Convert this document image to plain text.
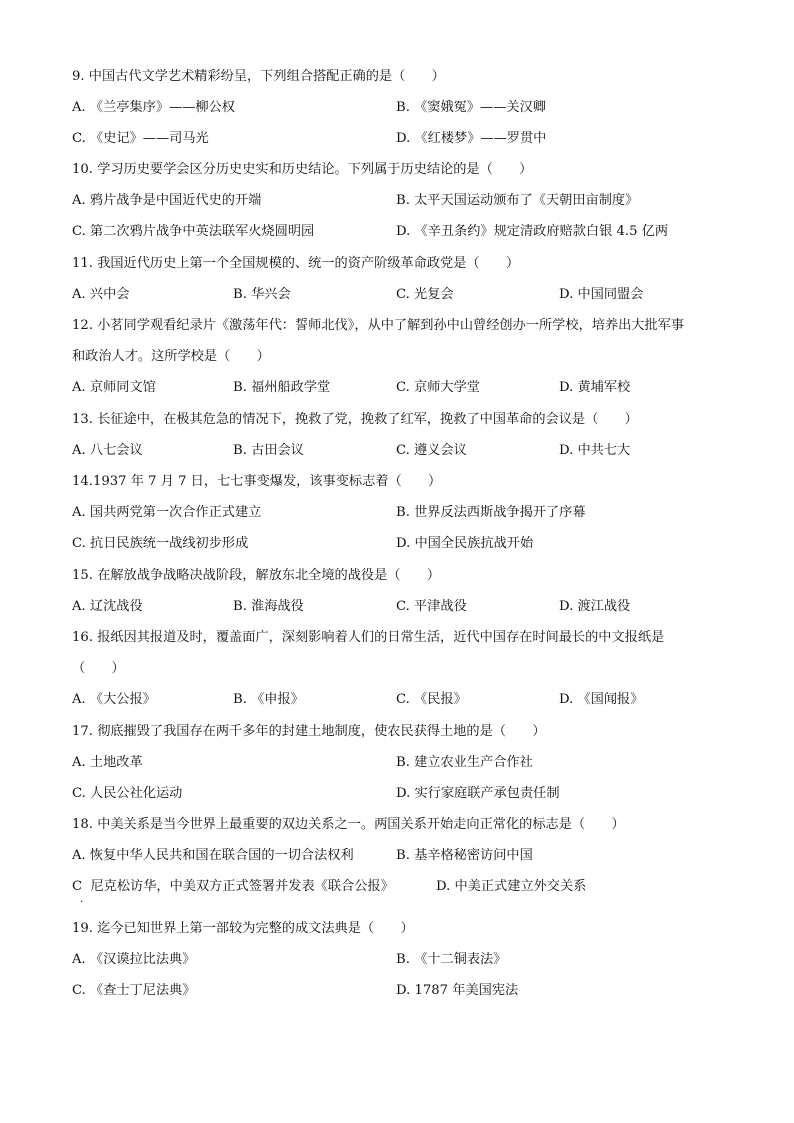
9. 中国古代文学艺术精彩纷呈，下列组合搭配正确的是（　　）
A. 《兰亭集序》——柳公权	B. 《窦娥冤》——关汉卿
C. 《史记》——司马光	D. 《红楼梦》——罗贯中
10. 学习历史要学会区分历史史实和历史结论。下列属于历史结论的是（　　）
A. 鸦片战争是中国近代史的开端	B. 太平天国运动颁布了《天朝田亩制度》
C. 第二次鸦片战争中英法联军火烧圆明园	D. 《辛丑条约》规定清政府赔款白银 4.5 亿两
11. 我国近代历史上第一个全国规模的、统一的资产阶级革命政党是（　　）
A. 兴中会	B. 华兴会	C. 光复会	D. 中国同盟会
12. 小茗同学观看纪录片《激荡年代：誓师北伐》，从中了解到孙中山曾经创办一所学校，培养出大批军事
和政治人才。这所学校是（　　）
A. 京师同文馆	B. 福州船政学堂	C. 京师大学堂	D. 黄埔军校
13. 长征途中，在极其危急的情况下，挽救了党，挽救了红军，挽救了中国革命的会议是（　　）
A. 八七会议	B. 古田会议	C. 遵义会议	D. 中共七大
14.1937 年 7 月 7 日，七七事变爆发，该事变标志着（　　）
A. 国共两党第一次合作正式建立	B. 世界反法西斯战争揭开了序幕
C. 抗日民族统一战线初步形成	D. 中国全民族抗战开始
15. 在解放战争战略决战阶段，解放东北全境的战役是（　　）
A. 辽沈战役	B. 淮海战役	C. 平津战役	D. 渡江战役
16. 报纸因其报道及时，覆盖面广，深刻影响着人们的日常生活，近代中国存在时间最长的中文报纸是
（　　）
A. 《大公报》	B. 《申报》	C. 《民报》	D. 《国闻报》
17. 彻底摧毁了我国存在两千多年的封建土地制度，使农民获得土地的是（　　）
A. 土地改革	B. 建立农业生产合作社
C. 人民公社化运动	D. 实行家庭联产承包责任制
18. 中美关系是当今世界上最重要的双边关系之一。两国关系开始走向正常化的标志是（　　）
A. 恢复中华人民共和国在联合国的一切合法权利	B. 基辛格秘密访问中国
C 尼克松访华，中美双方正式签署并发表《联合公报》	D. 中美正式建立外交关系
·
19. 迄今已知世界上第一部较为完整的成文法典是（　　）
A. 《汉谟拉比法典》	B. 《十二铜表法》
C. 《查士丁尼法典》	D. 1787 年美国宪法
